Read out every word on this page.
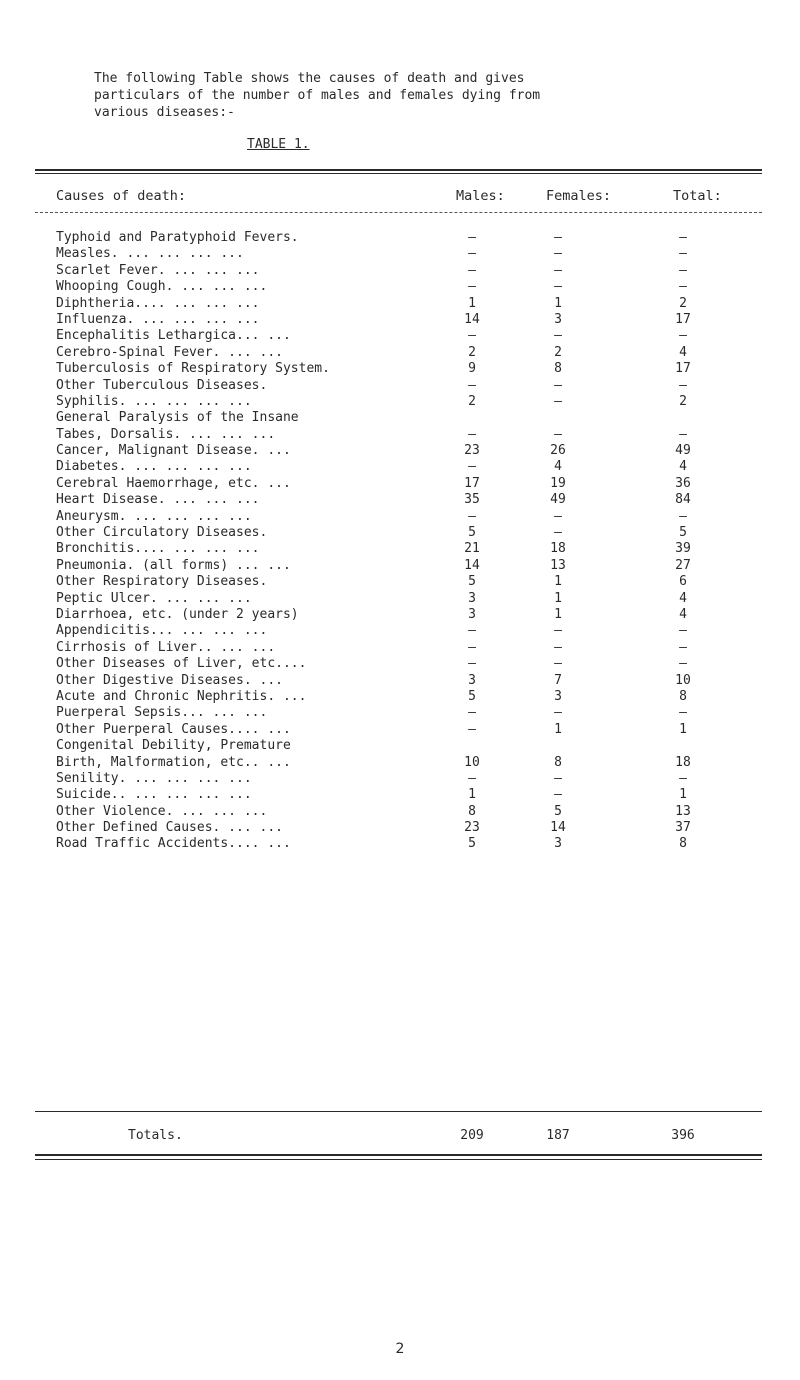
The following Table shows the causes of death and gives
particulars of the number of males and females dying from
various diseases:-
TABLE 1.
Causes of death:	Males:	Females:	Total:
Typhoid and Paratyphoid Fevers.	—	—	—
Measles. ... ... ... ...	—	—	—
Scarlet Fever. ... ... ...	—	—	—
Whooping Cough. ... ... ...	—	—	—
Diphtheria.... ... ... ...	1	1	2
Influenza. ... ... ... ...	14	3	17
Encephalitis Lethargica... ...	—	—	—
Cerebro-Spinal Fever. ... ...	2	2	4
Tuberculosis of Respiratory System.	9	8	17
Other Tuberculous Diseases.	—	—	—
Syphilis. ... ... ... ...	2	—	2
General Paralysis of the Insane
Tabes, Dorsalis. ... ... ...	—	—	—
Cancer, Malignant Disease. ...	23	26	49
Diabetes. ... ... ... ...	—	4	4
Cerebral Haemorrhage, etc. ...	17	19	36
Heart Disease. ... ... ...	35	49	84
Aneurysm. ... ... ... ...	—	—	—
Other Circulatory Diseases.	5	—	5
Bronchitis.... ... ... ...	21	18	39
Pneumonia. (all forms) ... ...	14	13	27
Other Respiratory Diseases.	5	1	6
Peptic Ulcer. ... ... ...	3	1	4
Diarrhoea, etc. (under 2 years)	3	1	4
Appendicitis... ... ... ...	—	—	—
Cirrhosis of Liver.. ... ...	—	—	—
Other Diseases of Liver, etc....	—	—	—
Other Digestive Diseases. ...	3	7	10
Acute and Chronic Nephritis. ...	5	3	8
Puerperal Sepsis... ... ...	—	—	—
Other Puerperal Causes.... ...	—	1	1
Congenital Debility, Premature
Birth, Malformation, etc.. ...	10	8	18
Senility. ... ... ... ...	—	—	—
Suicide.. ... ... ... ...	1	—	1
Other Violence. ... ... ...	8	5	13
Other Defined Causes. ... ...	23	14	37
Road Traffic Accidents.... ...	5	3	8
Totals.	209	187	396
2
